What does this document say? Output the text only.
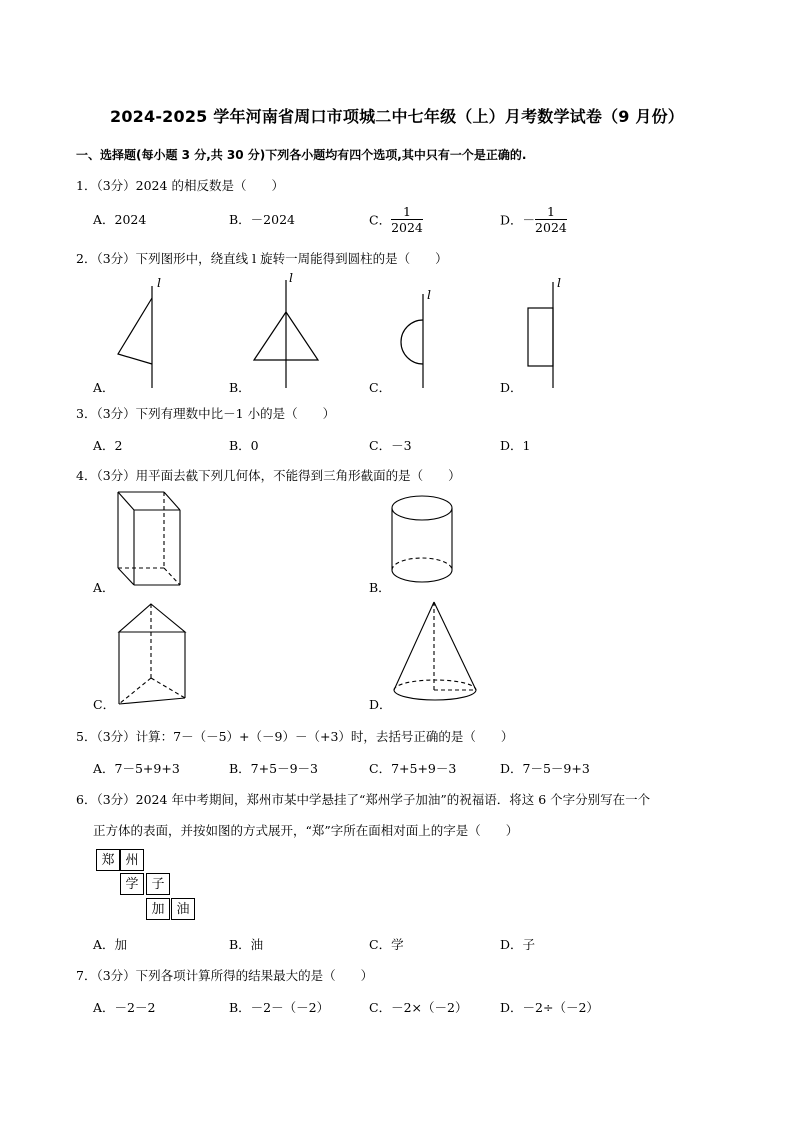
2024-2025 学年河南省周口市项城二中七年级（上）月考数学试卷（9 月份）
一、选择题(每小题 3 分,共 30 分)下列各小题均有四个选项,其中只有一个是正确的.
1．（3分）2024 的相反数是（　　）
A．2024	B．－2024	C． $\frac{1}{2024}$	D．－ $\frac{1}{2024}$
2．（3分）下列图形中，绕直线 l 旋转一周能得到圆柱的是（　　）
l	l
l
l
A．	B．	C．	D．
3．（3分）下列有理数中比－1 小的是（　　）
A．2	B．0	C．－3	D．1
4．（3分）用平面去截下列几何体，不能得到三角形截面的是（　　）
A．	B．
C．	D．
5．（3分）计算：7－（－5）+（－9）－（+3）时，去括号正确的是（　　）
A．7－5+9+3	B．7+5－9－3	C．7+5+9－3	D．7－5－9+3
6．（3分）2024 年中考期间，郑州市某中学悬挂了“郑州学子加油”的祝福语．将这 6 个字分别写在一个
正方体的表面，并按如图的方式展开，“郑”字所在面相对面上的字是（　　）
郑 州
学 子
加 油
A．加	B．油	C．学	D．子
7．（3分）下列各项计算所得的结果最大的是（　　）
A．－2－2	B．－2－（－2）	C．－2×（－2）	D．－2÷（－2）
